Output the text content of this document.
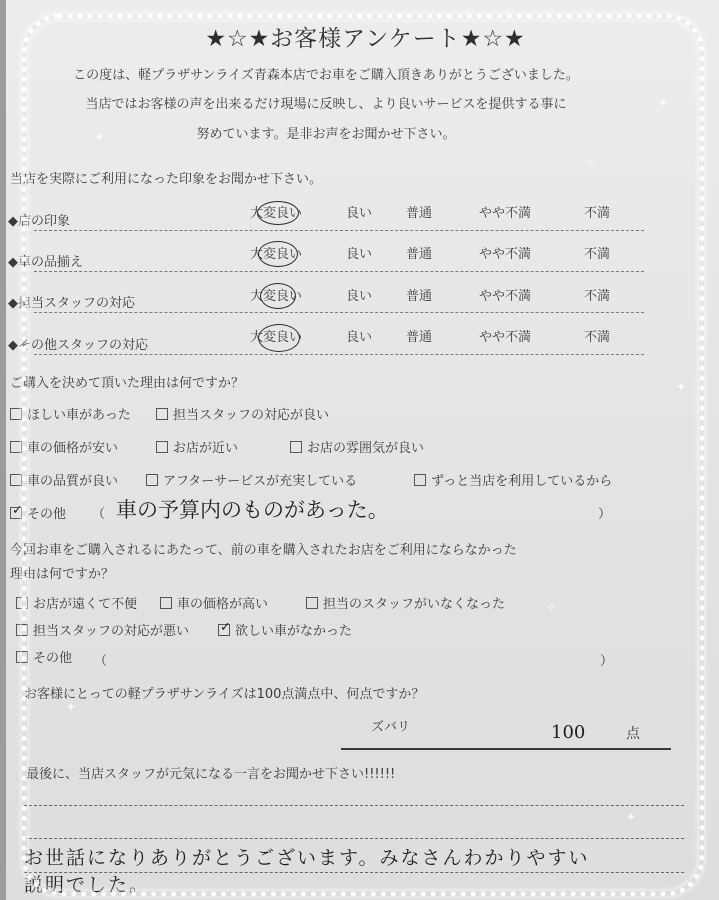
★☆★お客様アンケート★☆★
この度は、軽プラザサンライズ青森本店でお車をご購入頂きありがとうございました。
当店ではお客様の声を出来るだけ現場に反映し、より良いサービスを提供する事に
努めています。是非お声をお聞かせ下さい。
当店を実際にご利用になった印象をお聞かせ下さい。
◆店の印象
大変良い	良い	普通	やや不満	不満
◆車の品揃え
大変良い	良い	普通	やや不満	不満
◆担当スタッフの対応	大変良い	良い	普通	やや不満	不満
◆その他スタッフの対応
大変良い	良い	普通	やや不満	不満
ご購入を決めて頂いた理由は何ですか？
ほしい車があった	担当スタッフの対応が良い
車の価格が安い	お店が近い	お店の雰囲気が良い
車の品質が良い	アフターサービスが充実している	ずっと当店を利用しているから
✓ その他 （ 車の予算内のものがあった。	）
今回お車をご購入されるにあたって、前の車を購入されたお店をご利用にならなかった
理由は何ですか？
お店が遠くて不便	車の価格が高い	担当のスタッフがいなくなった
担当スタッフの対応が悪い ✓ 欲しい車がなかった
その他 （	）
お客様にとっての軽プラザサンライズは100点満点中、何点ですか？
ズバリ	100	点
最後に、当店スタッフが元気になる一言をお聞かせ下さい!!!!!!
お世話になりありがとうございます。みなさんわかりやすい
説明でした。
✦
✦
✧
✦
✧
✦
✦
